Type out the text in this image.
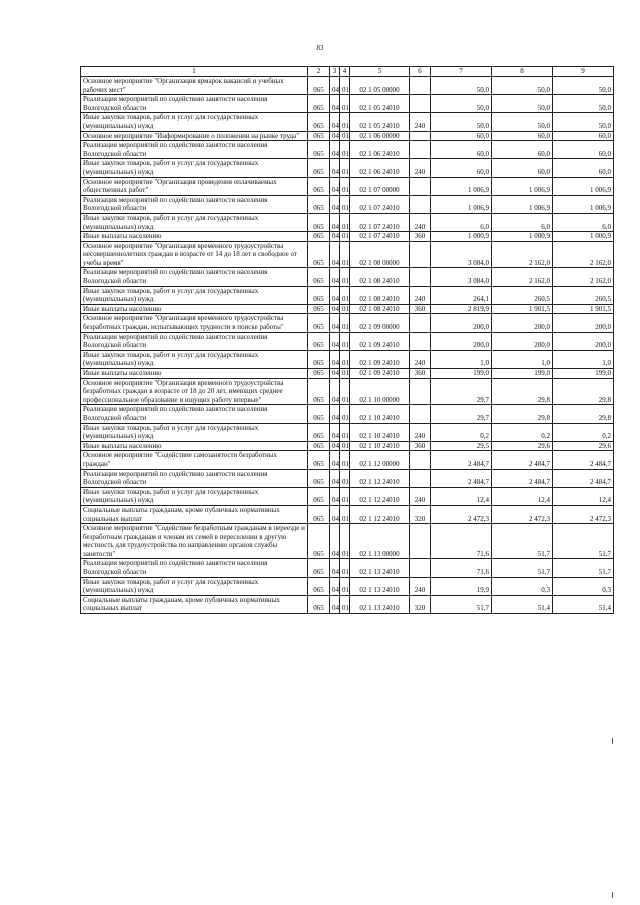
83
1	2	3	4	5	6	7	8	9
Основное мероприятие "Организация ярмарок вакансий и учебных рабочих мест"	065	04	01	02 1 05 00000		50,0	50,0	50,0
Реализация мероприятий по содействию занятости населения Вологодской области	065	04	01	02 1 05 24010		50,0	50,0	50,0
Иные закупки товаров, работ и услуг для государственных (муниципальных) нужд	065	04	01	02 1 05 24010	240	50,0	50,0	50,0
Основное мероприятие "Информирование о положении на рынке труда"	065	04	01	02 1 06 00000		60,0	60,0	60,0
Реализация мероприятий по содействию занятости населения Вологодской области	065	04	01	02 1 06 24010		60,0	60,0	60,0
Иные закупки товаров, работ и услуг для государственных (муниципальных) нужд	065	04	01	02 1 06 24010	240	60,0	60,0	60,0
Основное мероприятие "Организация проведения оплачиваемых общественных работ"	065	04	01	02 1 07 00000		1 006,9	1 006,9	1 006,9
Реализация мероприятий по содействию занятости населения Вологодской области	065	04	01	02 1 07 24010		1 006,9	1 006,9	1 006,9
Иные закупки товаров, работ и услуг для государственных (муниципальных) нужд	065	04	01	02 1 07 24010	240	6,0	6,0	6,0
Иные выплаты населению	065	04	01	02 1 07 24010	360	1 000,9	1 000,9	1 000,9
Основное мероприятие "Организация временного трудоустройства несовершеннолетних граждан в возрасте от 14 до 18 лет в свободное от учебы время"	065	04	01	02 1 08 00000		3 084,0	2 162,0	2 162,0
Реализация мероприятий по содействию занятости населения Вологодской области	065	04	01	02 1 08 24010		3 084,0	2 162,0	2 162,0
Иные закупки товаров, работ и услуг для государственных (муниципальных) нужд	065	04	01	02 1 08 24010	240	264,1	260,5	260,5
Иные выплаты населению	065	04	01	02 1 08 24010	360	2 819,9	1 901,5	1 901,5
Основное мероприятие "Организация временного трудоустройства безработных граждан, испытывающих трудности в поиске работы"	065	04	01	02 1 09 00000		200,0	200,0	200,0
Реализация мероприятий по содействию занятости населения Вологодской области	065	04	01	02 1 09 24010		200,0	200,0	200,0
Иные закупки товаров, работ и услуг для государственных (муниципальных) нужд	065	04	01	02 1 09 24010	240	1,0	1,0	1,0
Иные выплаты населению	065	04	01	02 1 09 24010	360	199,0	199,0	199,0
Основное мероприятие "Организация временного трудоустройства безработных граждан в возрасте от 18 до 20 лет, имеющих среднее профессиональное образование и ищущих работу впервые"	065	04	01	02 1 10 00000		29,7	29,8	29,8
Реализация мероприятий по содействию занятости населения Вологодской области	065	04	01	02 1 10 24010		29,7	29,8	29,8
Иные закупки товаров, работ и услуг для государственных (муниципальных) нужд	065	04	01	02 1 10 24010	240	0,2	0,2	0,2
Иные выплаты населению	065	04	01	02 1 10 24010	360	29,5	29,6	29,6
Основное мероприятие "Содействие самозанятости безработных граждан"	065	04	01	02 1 12 00000		2 484,7	2 484,7	2 484,7
Реализация мероприятий по содействию занятости населения Вологодской области	065	04	01	02 1 12 24010		2 484,7	2 484,7	2 484,7
Иные закупки товаров, работ и услуг для государственных (муниципальных) нужд	065	04	01	02 1 12 24010	240	12,4	12,4	12,4
Социальные выплаты гражданам, кроме публичных нормативных социальных выплат	065	04	01	02 1 12 24010	320	2 472,3	2 472,3	2 472,3
Основное мероприятие "Содействие безработным гражданам в переезде и безработным гражданам и членам их семей в переселении в другую местность для трудоустройства по направлению органов службы занятости"	065	04	01	02 1 13 00000		71,6	51,7	51,7
Реализация мероприятий по содействию занятости населения Вологодской области	065	04	01	02 1 13 24010		71,6	51,7	51,7
Иные закупки товаров, работ и услуг для государственных (муниципальных) нужд	065	04	01	02 1 13 24010	240	19,9	0,3	0,3
Социальные выплаты гражданам, кроме публичных нормативных социальных выплат	065	04	01	02 1 13 24010	320	51,7	51,4	51,4
